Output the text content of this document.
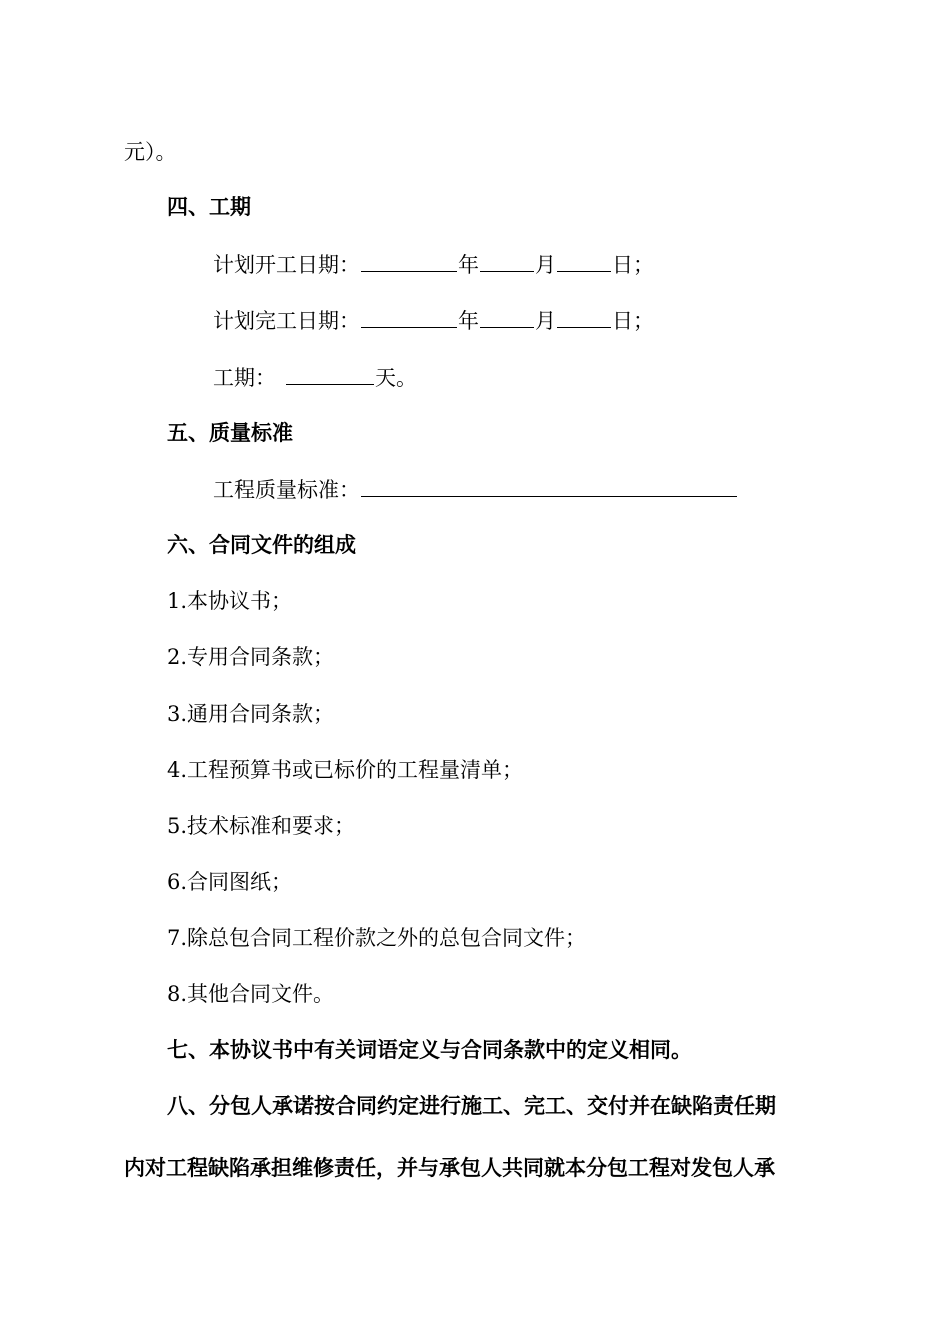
元）。
四、工期
计划开工日期：	年	月	日；
计划完工日期：	年	月	日；
工期：	天。
五、质量标准
工程质量标准：
六、合同文件的组成
1.本协议书；
2.专用合同条款；
3.通用合同条款；
4.工程预算书或已标价的工程量清单；
5.技术标准和要求；
6.合同图纸；
7.除总包合同工程价款之外的总包合同文件；
8.其他合同文件。
七、本协议书中有关词语定义与合同条款中的定义相同。
八、分包人承诺按合同约定进行施工、完工、交付并在缺陷责任期
内对工程缺陷承担维修责任，并与承包人共同就本分包工程对发包人承
